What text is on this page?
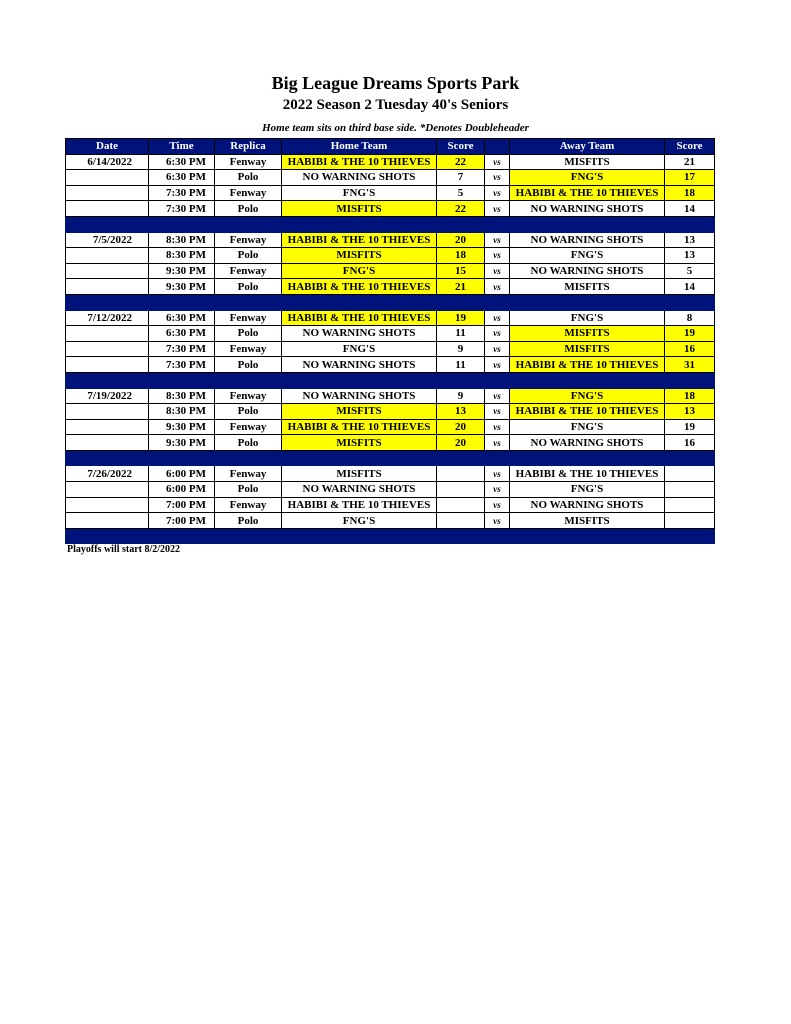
Big League Dreams Sports Park
2022 Season 2 Tuesday 40's Seniors
Home team sits on third base side. *Denotes Doubleheader
Date	Time	Replica	Home Team	Score		Away Team	Score
6/14/2022	6:30 PM	Fenway	HABIBI & THE 10 THIEVES	22	vs	MISFITS	21
	6:30 PM	Polo	NO WARNING SHOTS	7	vs	FNG'S	17
	7:30 PM	Fenway	FNG'S	5	vs	HABIBI & THE 10 THIEVES	18
	7:30 PM	Polo	MISFITS	22	vs	NO WARNING SHOTS	14

7/5/2022	8:30 PM	Fenway	HABIBI & THE 10 THIEVES	20	vs	NO WARNING SHOTS	13
	8:30 PM	Polo	MISFITS	18	vs	FNG'S	13
	9:30 PM	Fenway	FNG'S	15	vs	NO WARNING SHOTS	5
	9:30 PM	Polo	HABIBI & THE 10 THIEVES	21	vs	MISFITS	14

7/12/2022	6:30 PM	Fenway	HABIBI & THE 10 THIEVES	19	vs	FNG'S	8
	6:30 PM	Polo	NO WARNING SHOTS	11	vs	MISFITS	19
	7:30 PM	Fenway	FNG'S	9	vs	MISFITS	16
	7:30 PM	Polo	NO WARNING SHOTS	11	vs	HABIBI & THE 10 THIEVES	31

7/19/2022	8:30 PM	Fenway	NO WARNING SHOTS	9	vs	FNG'S	18
	8:30 PM	Polo	MISFITS	13	vs	HABIBI & THE 10 THIEVES	13
	9:30 PM	Fenway	HABIBI & THE 10 THIEVES	20	vs	FNG'S	19
	9:30 PM	Polo	MISFITS	20	vs	NO WARNING SHOTS	16

7/26/2022	6:00 PM	Fenway	MISFITS		vs	HABIBI & THE 10 THIEVES	
	6:00 PM	Polo	NO WARNING SHOTS		vs	FNG'S	
	7:00 PM	Fenway	HABIBI & THE 10 THIEVES		vs	NO WARNING SHOTS	
	7:00 PM	Polo	FNG'S		vs	MISFITS	

Playoffs will start 8/2/2022
